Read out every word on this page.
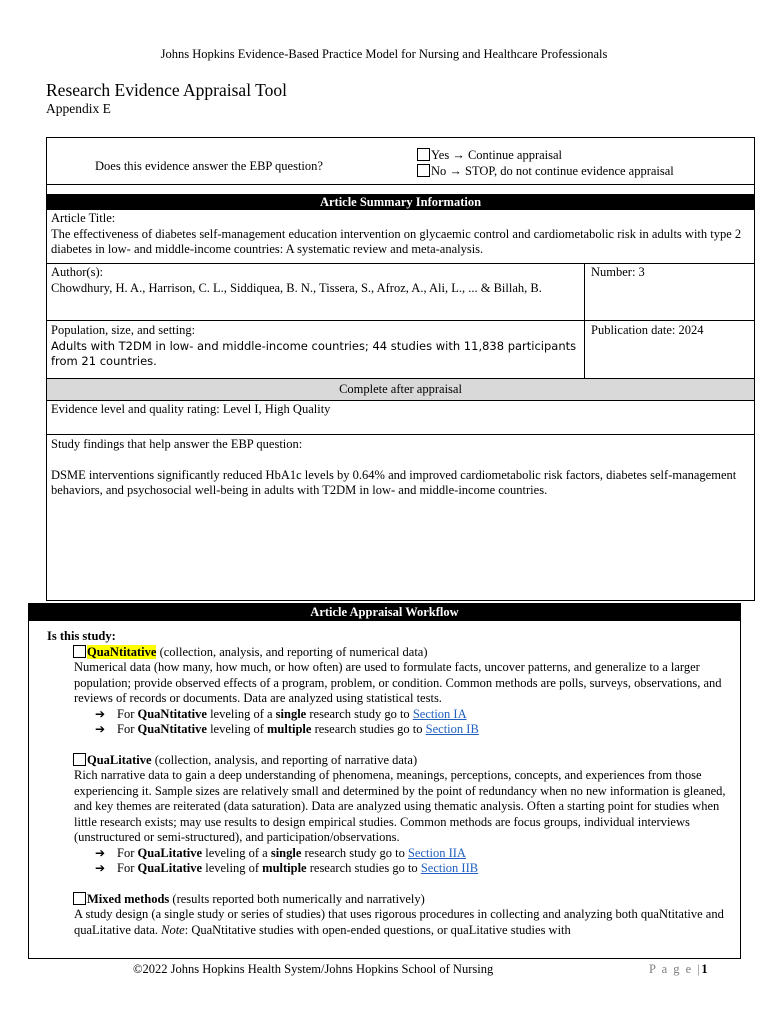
Johns Hopkins Evidence-Based Practice Model for Nursing and Healthcare Professionals
Research Evidence Appraisal Tool
Appendix E
Does this evidence answer the EBP question?
Yes → Continue appraisal
No → STOP, do not continue evidence appraisal
Article Summary Information
Article Title:
The effectiveness of diabetes self-management education intervention on glycaemic control and cardiometabolic risk in adults with type 2 diabetes in low- and middle-income countries: A systematic review and meta-analysis.
Author(s):
Chowdhury, H. A., Harrison, C. L., Siddiquea, B. N., Tissera, S., Afroz, A., Ali, L., ... & Billah, B.
Number: 3
Population, size, and setting:
Adults with T2DM in low- and middle-income countries; 44 studies with 11,838 participants from 21 countries.
Publication date: 2024
Complete after appraisal
Evidence level and quality rating: Level I, High Quality
Study findings that help answer the EBP question:
DSME interventions significantly reduced HbA1c levels by 0.64% and improved cardiometabolic risk factors, diabetes self-management behaviors, and psychosocial well-being in adults with T2DM in low- and middle-income countries.
Article Appraisal Workflow

Is this study:

QuaNtitative (collection, analysis, and reporting of numerical data)

Numerical data (how many, how much, or how often) are used to formulate facts, uncover patterns, and generalize to a larger population; provide observed effects of a program, problem, or condition. Common methods are polls, surveys, observations, and reviews of records or documents. Data are analyzed using statistical tests.

➔ For QuaNtitative leveling of a single research study go to Section IA

➔ For QuaNtitative leveling of multiple research studies go to Section IB

QuaLitative (collection, analysis, and reporting of narrative data)

Rich narrative data to gain a deep understanding of phenomena, meanings, perceptions, concepts, and experiences from those experiencing it. Sample sizes are relatively small and determined by the point of redundancy when no new information is gleaned, and key themes are reiterated (data saturation). Data are analyzed using thematic analysis. Often a starting point for studies when little research exists; may use results to design empirical studies. Common methods are focus groups, individual interviews (unstructured or semi-structured), and participation/observations.

➔ For QuaLitative leveling of a single research study go to Section IIA

➔ For QuaLitative leveling of multiple research studies go to Section IIB

Mixed methods (results reported both numerically and narratively)

A study design (a single study or series of studies) that uses rigorous procedures in collecting and analyzing both quaNtitative and quaLitative data. Note: QuaNtitative studies with open-ended questions, or quaLitative studies with

©2022 Johns Hopkins Health System/Johns Hopkins School of Nursing	P a g e |1
